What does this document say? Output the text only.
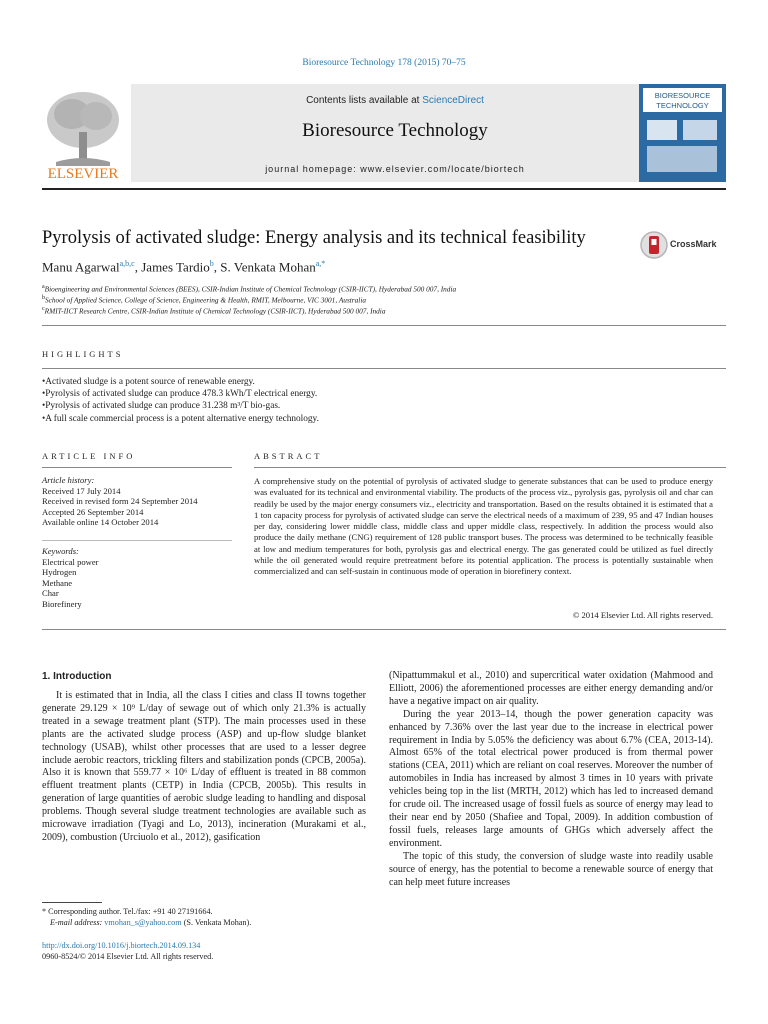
Bioresource Technology 178 (2015) 70–75
ELSEVIER
Contents lists available at ScienceDirect
Bioresource Technology
journal homepage: www.elsevier.com/locate/biortech
BIORESOURCE
TECHNOLOGY
Pyrolysis of activated sludge: Energy analysis and its technical feasibility	CrossMark
Manu Agarwal$^{a,b,c}$, James Tardio$^b$, S. Venkata Mohan$^{a,*}$
$^a$Bioengineering and Environmental Sciences (BEES), CSIR-Indian Institute of Chemical Technology (CSIR-IICT), Hyderabad 500 007, India
$^b$School of Applied Science, College of Science, Engineering & Health, RMIT, Melbourne, VIC 3001, Australia
$^c$RMIT-IICT Research Centre, CSIR-Indian Institute of Chemical Technology (CSIR-IICT), Hyderabad 500 007, India
HIGHLIGHTS
• Activated sludge is a potent source of renewable energy.
• Pyrolysis of activated sludge can produce 478.3 kWh/T electrical energy.
• Pyrolysis of activated sludge can produce 31.238 m³/T bio-gas.
• A full scale commercial process is a potent alternative energy technology.
ARTICLE INFO	ABSTRACT
Article history:
Received 17 July 2014
Received in revised form 24 September 2014
Accepted 26 September 2014
Available online 14 October 2014
Keywords:
Electrical power
Hydrogen
Methane
Char
Biorefinery
A comprehensive study on the potential of pyrolysis of activated sludge to generate substances that can be used to produce energy was evaluated for its technical and environmental viability. The products of the process viz., pyrolysis gas, pyrolysis oil and char can readily be used by the major energy consumers viz., electricity and transportation. Based on the results obtained it is estimated that a 1 ton capacity process for pyrolysis of activated sludge can serve the electrical needs of a maximum of 239, 95 and 47 Indian houses per day, considering lower middle class, middle class and upper middle class, respectively. In addition the process would also produce the daily methane (CNG) requirement of 128 public transport buses. The process was determined to be technically feasible at low and medium temperatures for both, pyrolysis gas and electrical energy. The gas generated could be utilized as fuel directly while the oil generated would require pretreatment before its potential application. The process is potentially sustainable when commercialized and can self-sustain in continuous mode of operation in biorefinery context.
© 2014 Elsevier Ltd. All rights reserved.
1. Introduction

It is estimated that in India, all the class I cities and class II towns together generate 29.129 × 10⁹ L/day of sewage out of which only 21.3% is actually treated in a sewage treatment plant (STP). The main processes used in these plants are the activated sludge process (ASP) and up-flow sludge blanket technology (USAB), whilst other processes that are used to a lesser degree include aerobic reactors, trickling filters and stabilization ponds (CPCB, 2005a). Also it is known that 559.77 × 10⁶ L/day of effluent is treated in 88 common effluent treatment plants (CETP) in India (CPCB, 2005b). This results in generation of large quantities of aerobic sludge leading to handling and disposal problems. Though several sludge treatment technologies are available such as microwave irradiation (Tyagi and Lo, 2013), incineration (Murakami et al., 2009), combustion (Urciuolo et al., 2012), gasification

(Nipattummakul et al., 2010) and supercritical water oxidation (Mahmood and Elliott, 2006) the aforementioned processes are either energy demanding and/or have a negative impact on air quality.

During the year 2013–14, though the power generation capacity was enhanced by 7.36% over the last year due to the increase in electrical power requirement in India by 5.05% the deficiency was about 6.7% (CEA, 2013-14). Almost 65% of the total electrical power produced is from thermal power stations (CEA, 2011) which are reliant on coal reserves. Moreover the number of automobiles in India has increased by almost 3 times in 10 years with private vehicles being top in the list (MRTH, 2012) which has led to increased demand for crude oil. The increased usage of fossil fuels as source of energy may lead to their near end by 2050 (Shafiee and Topal, 2009). In addition combustion of fossil fuels, releases large amounts of GHGs which adversely affect the environment.

The topic of this study, the conversion of sludge waste into readily usable source of energy, has the potential to become a renewable source of energy that can help meet future increases

* Corresponding author. Tel./fax: +91 40 27191664.
E-mail address: vmohan_s@yahoo.com (S. Venkata Mohan).
http://dx.doi.org/10.1016/j.biortech.2014.09.134
0960-8524/© 2014 Elsevier Ltd. All rights reserved.
